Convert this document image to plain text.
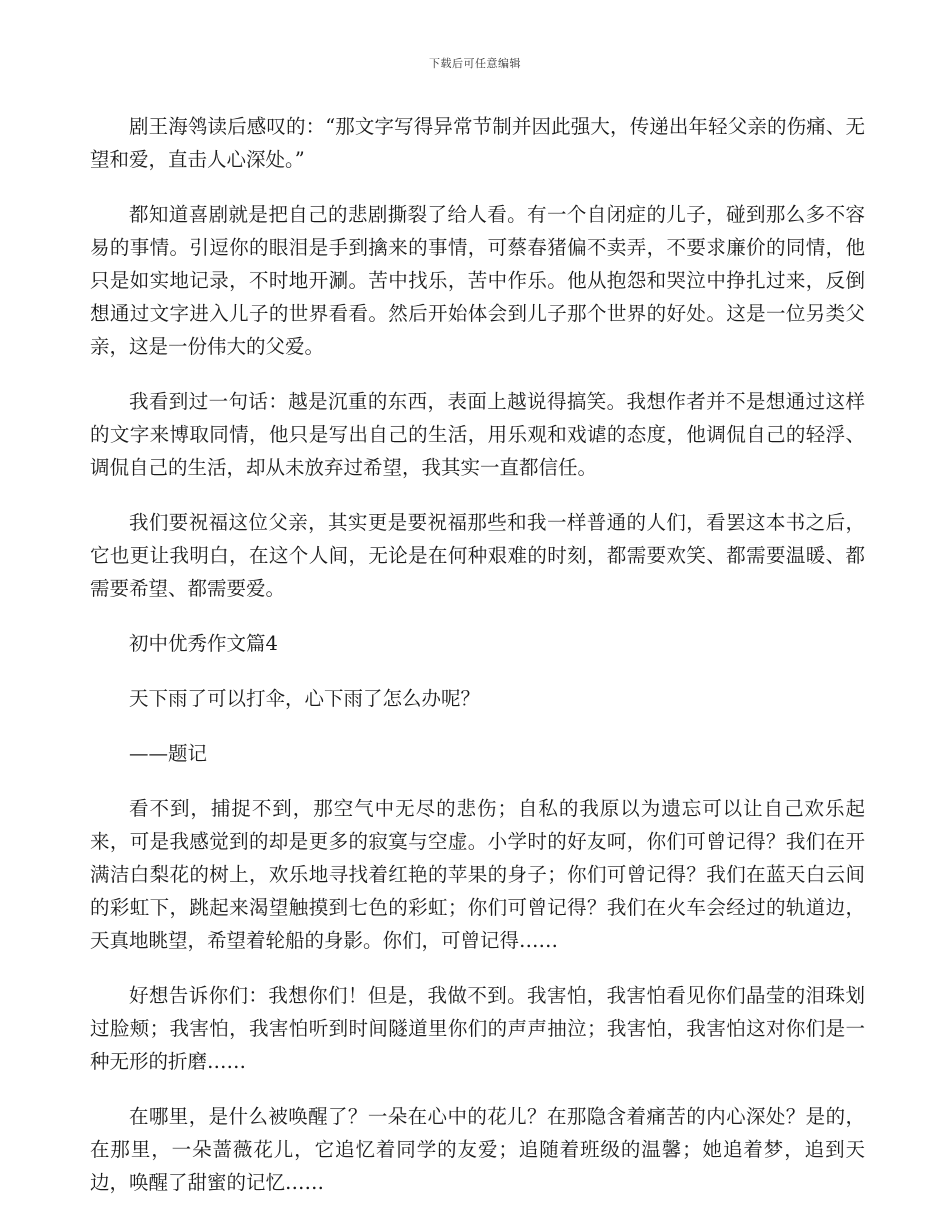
下载后可任意编辑

剧王海鸰读后感叹的：“那文字写得异常节制并因此强大，传递出年轻父亲的伤痛、无望和爱，直击人心深处。”

都知道喜剧就是把自己的悲剧撕裂了给人看。有一个自闭症的儿子，碰到那么多不容易的事情。引逗你的眼泪是手到擒来的事情，可蔡春猪偏不卖弄，不要求廉价的同情，他只是如实地记录，不时地开涮。苦中找乐，苦中作乐。他从抱怨和哭泣中挣扎过来，反倒想通过文字进入儿子的世界看看。然后开始体会到儿子那个世界的好处。这是一位另类父亲，这是一份伟大的父爱。

我看到过一句话：越是沉重的东西，表面上越说得搞笑。我想作者并不是想通过这样的文字来博取同情，他只是写出自己的生活，用乐观和戏谑的态度，他调侃自己的轻浮、调侃自己的生活，却从未放弃过希望，我其实一直都信任。

我们要祝福这位父亲，其实更是要祝福那些和我一样普通的人们，看罢这本书之后，它也更让我明白，在这个人间，无论是在何种艰难的时刻，都需要欢笑、都需要温暖、都需要希望、都需要爱。

初中优秀作文篇4

天下雨了可以打伞，心下雨了怎么办呢？

——题记

看不到，捕捉不到，那空气中无尽的悲伤；自私的我原以为遗忘可以让自己欢乐起来，可是我感觉到的却是更多的寂寞与空虚。小学时的好友呵，你们可曾记得？我们在开满洁白梨花的树上，欢乐地寻找着红艳的苹果的身子；你们可曾记得？我们在蓝天白云间的彩虹下，跳起来渴望触摸到七色的彩虹；你们可曾记得？我们在火车会经过的轨道边，天真地眺望，希望着轮船的身影。你们，可曾记得……

好想告诉你们：我想你们！但是，我做不到。我害怕，我害怕看见你们晶莹的泪珠划过脸颊；我害怕，我害怕听到时间隧道里你们的声声抽泣；我害怕，我害怕这对你们是一种无形的折磨……

在哪里，是什么被唤醒了？一朵在心中的花儿？在那隐含着痛苦的内心深处？是的，在那里，一朵蔷薇花儿，它追忆着同学的友爱；追随着班级的温馨；她追着梦，追到天边，唤醒了甜蜜的记忆……
